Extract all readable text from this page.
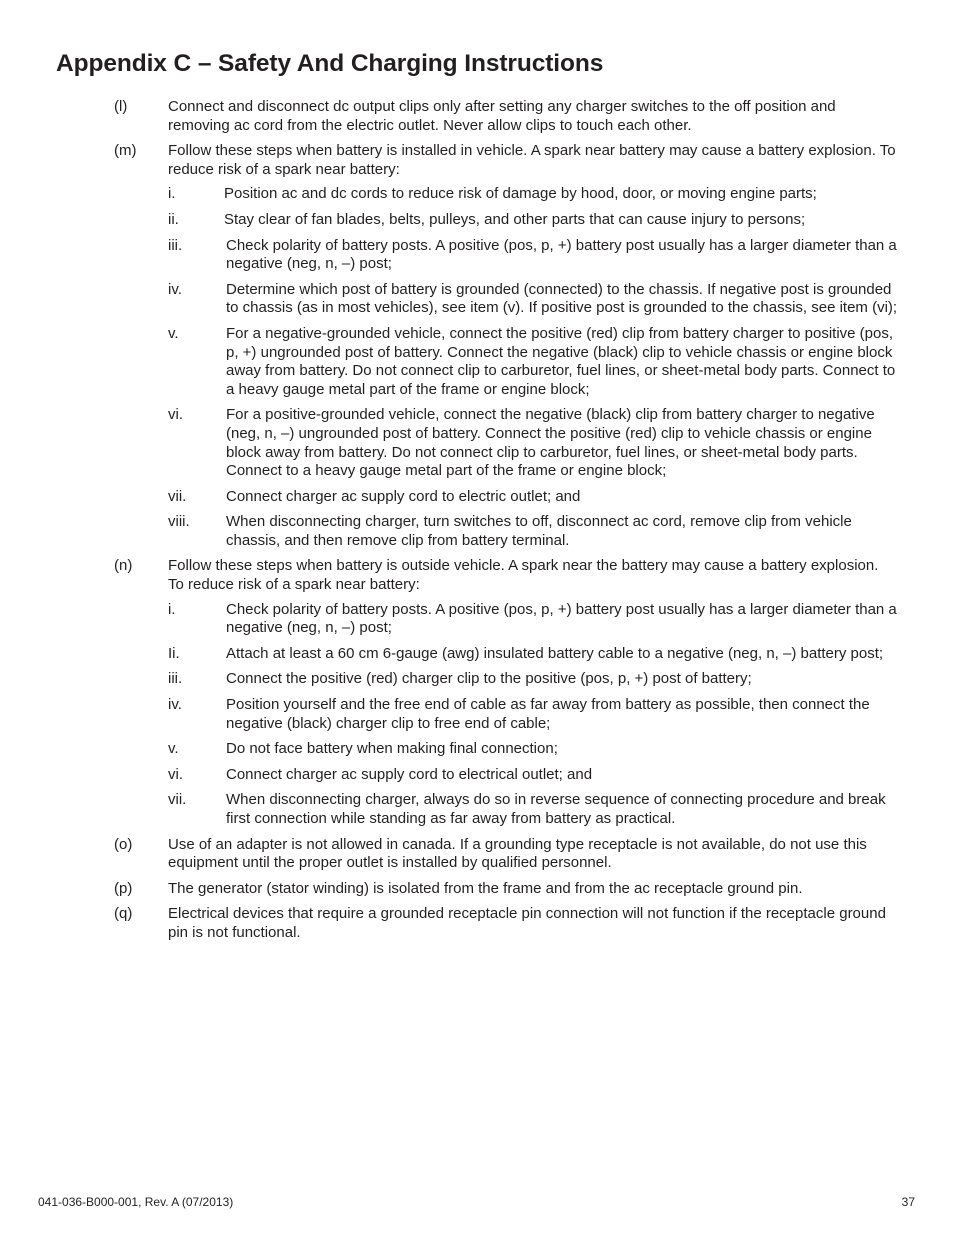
Appendix C – Safety And Charging Instructions
(l)	Connect and disconnect dc output clips only after setting any charger switches to the off position and removing ac cord from the electric outlet. Never allow clips to touch each other.
(m) Follow these steps when battery is installed in vehicle. A spark near battery may cause a battery explosion. To reduce risk of a spark near battery:
i.	Position ac and dc cords to reduce risk of damage by hood, door, or moving engine parts;
ii.	Stay clear of fan blades, belts, pulleys, and other parts that can cause injury to persons;
iii.	Check polarity of battery posts. A positive (pos, p, +) battery post usually has a larger diameter than a negative (neg, n, –) post;
iv.	Determine which post of battery is grounded (connected) to the chassis. If negative post is grounded to chassis (as in most vehicles), see item (v). If positive post is grounded to the chassis, see item (vi);
v.	For a negative-grounded vehicle, connect the positive (red) clip from battery charger to positive (pos, p, +) ungrounded post of battery. Connect the negative (black) clip to vehicle chassis or engine block away from battery. Do not connect clip to carburetor, fuel lines, or sheet-metal body parts. Connect to a heavy gauge metal part of the frame or engine block;
vi.	For a positive-grounded vehicle, connect the negative (black) clip from battery charger to negative (neg, n, –) ungrounded post of battery. Connect the positive (red) clip to vehicle chassis or engine block away from battery. Do not connect clip to carburetor, fuel lines, or sheet-metal body parts. Connect to a heavy gauge metal part of the frame or engine block;
vii.	Connect charger ac supply cord to electric outlet; and
viii. When disconnecting charger, turn switches to off, disconnect ac cord, remove clip from vehicle chassis, and then remove clip from battery terminal.
(n) Follow these steps when battery is outside vehicle. A spark near the battery may cause a battery explosion. To reduce risk of a spark near battery:
i.	Check polarity of battery posts. A positive (pos, p, +) battery post usually has a larger diameter than a negative (neg, n, –) post;
Ii.	Attach at least a 60 cm 6-gauge (awg) insulated battery cable to a negative (neg, n, –) battery post;
iii.	Connect the positive (red) charger clip to the positive (pos, p, +) post of battery;
iv.	Position yourself and the free end of cable as far away from battery as possible, then connect the negative (black) charger clip to free end of cable;
v.	Do not face battery when making final connection;
vi.	Connect charger ac supply cord to electrical outlet; and
vii.	When disconnecting charger, always do so in reverse sequence of connecting procedure and break first connection while standing as far away from battery as practical.
(o) Use of an adapter is not allowed in canada. If a grounding type receptacle is not available, do not use this equipment until the proper outlet is installed by qualified personnel.
(p) The generator (stator winding) is isolated from the frame and from the ac receptacle ground pin.
(q) Electrical devices that require a grounded receptacle pin connection will not function if the receptacle ground pin is not functional.
041-036-B000-001, Rev. A (07/2013)	37
